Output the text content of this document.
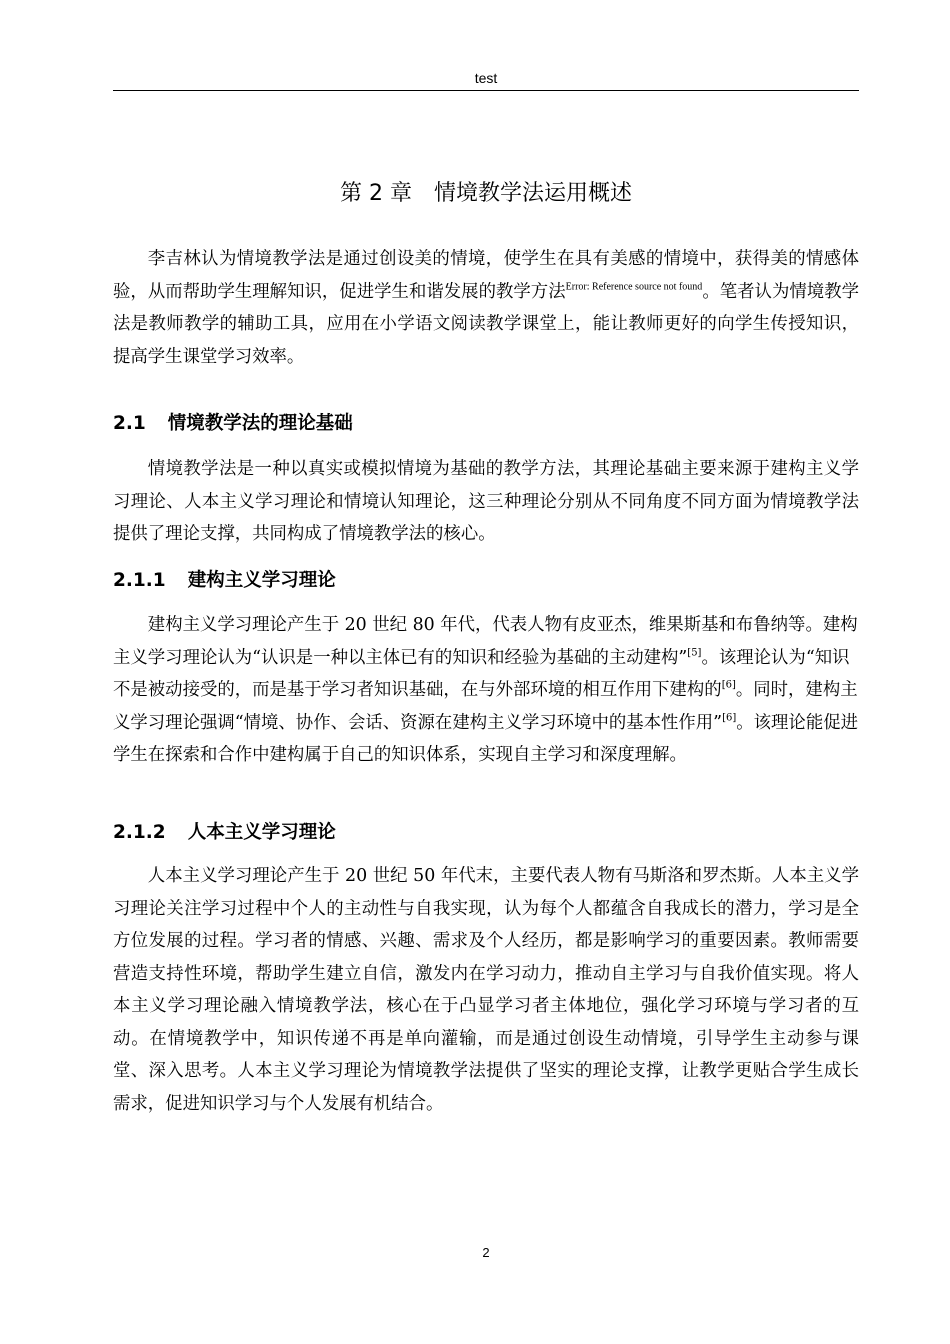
test
第 2 章 情境教学法运用概述

李吉林认为情境教学法是通过创设美的情境，使学生在具有美感的情境中，获得美的情感体验，从而帮助学生理解知识，促进学生和谐发展的教学方法$^{Error: Reference source not found}$。笔者认为情境教学法是教师教学的辅助工具，应用在小学语文阅读教学课堂上，能让教师更好的向学生传授知识，提高学生课堂学习效率。

2.1 情境教学法的理论基础

情境教学法是一种以真实或模拟情境为基础的教学方法，其理论基础主要来源于建构主义学习理论、人本主义学习理论和情境认知理论，这三种理论分别从不同角度不同方面为情境教学法提供了理论支撑，共同构成了情境教学法的核心。

2.1.1 建构主义学习理论

建构主义学习理论产生于 20 世纪 80 年代，代表人物有皮亚杰，维果斯基和布鲁纳等。建构主义学习理论认为“认识是一种以主体已有的知识和经验为基础的主动建构”[5]。该理论认为“知识不是被动接受的，而是基于学习者知识基础，在与外部环境的相互作用下建构的[6]。同时，建构主义学习理论强调“情境、协作、会话、资源在建构主义学习环境中的基本性作用”[6]。该理论能促进学生在探索和合作中建构属于自己的知识体系，实现自主学习和深度理解。

2.1.2 人本主义学习理论

人本主义学习理论产生于 20 世纪 50 年代末，主要代表人物有马斯洛和罗杰斯。人本主义学习理论关注学习过程中个人的主动性与自我实现，认为每个人都蕴含自我成长的潜力，学习是全方位发展的过程。学习者的情感、兴趣、需求及个人经历，都是影响学习的重要因素。教师需要营造支持性环境，帮助学生建立自信，激发内在学习动力，推动自主学习与自我价值实现。将人本主义学习理论融入情境教学法，核心在于凸显学习者主体地位，强化学习环境与学习者的互动。在情境教学中，知识传递不再是单向灌输，而是通过创设生动情境，引导学生主动参与课堂、深入思考。人本主义学习理论为情境教学法提供了坚实的理论支撑，让教学更贴合学生成长需求，促进知识学习与个人发展有机结合。

2
